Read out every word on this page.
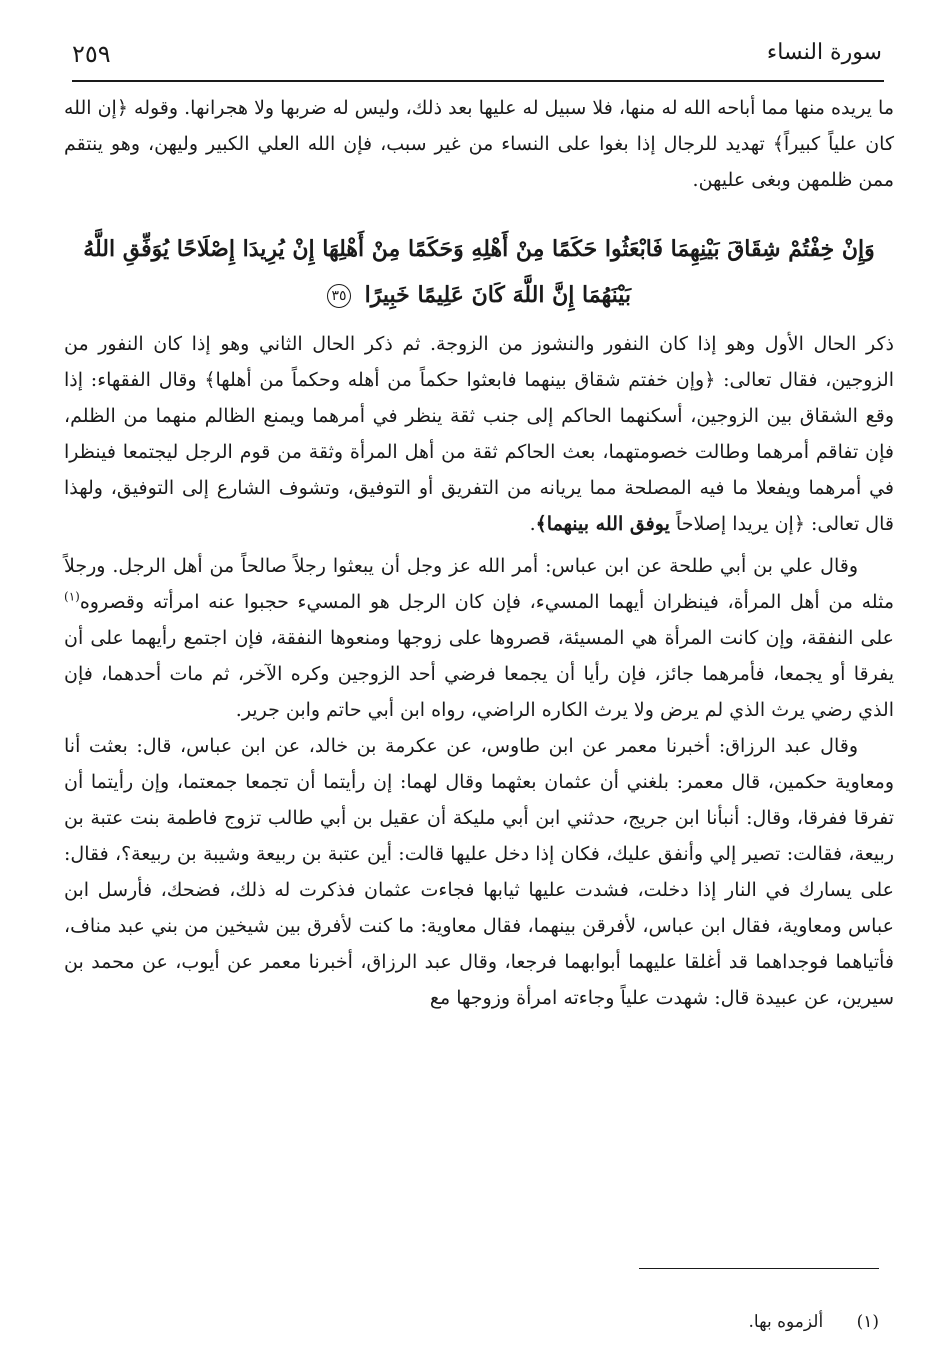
سورة النساء
٢٥٩

ما يريده منها مما أباحه الله له منها، فلا سبيل له عليها بعد ذلك، وليس له ضربها ولا هجرانها. وقوله ﴿إن الله كان علياً كبيراً﴾ تهديد للرجال إذا بغوا على النساء من غير سبب، فإن الله العلي الكبير وليهن، وهو ينتقم ممن ظلمهن وبغى عليهن.

وَإِنْ خِفْتُمْ شِقَاقَ بَيْنِهِمَا فَابْعَثُوا حَكَمًا مِنْ أَهْلِهِ وَحَكَمًا مِنْ أَهْلِهَا إِنْ يُرِيدَا إِصْلَاحًا يُوَفِّقِ اللَّهُ بَيْنَهُمَا إِنَّ اللَّهَ كَانَ عَلِيمًا خَبِيرًا ٣٥

ذكر الحال الأول وهو إذا كان النفور والنشوز من الزوجة. ثم ذكر الحال الثاني وهو إذا كان النفور من الزوجين، فقال تعالى: ﴿وإن خفتم شقاق بينهما فابعثوا حكماً من أهله وحكماً من أهلها﴾ وقال الفقهاء: إذا وقع الشقاق بين الزوجين، أسكنهما الحاكم إلى جنب ثقة ينظر في أمرهما ويمنع الظالم منهما من الظلم، فإن تفاقم أمرهما وطالت خصومتهما، بعث الحاكم ثقة من أهل المرأة وثقة من قوم الرجل ليجتمعا فينظرا في أمرهما ويفعلا ما فيه المصلحة مما يريانه من التفريق أو التوفيق، وتشوف الشارع إلى التوفيق، ولهذا قال تعالى: ﴿إن يريدا إصلاحاً يوفق الله بينهما﴾.

وقال علي بن أبي طلحة عن ابن عباس: أمر الله عز وجل أن يبعثوا رجلاً صالحاً من أهل الرجل. ورجلاً مثله من أهل المرأة، فينظران أيهما المسيء، فإن كان الرجل هو المسيء حجبوا عنه امرأته وقصروه$^{(١)}$ على النفقة، وإن كانت المرأة هي المسيئة، قصروها على زوجها ومنعوها النفقة، فإن اجتمع رأيهما على أن يفرقا أو يجمعا، فأمرهما جائز، فإن رأيا أن يجمعا فرضي أحد الزوجين وكره الآخر، ثم مات أحدهما، فإن الذي رضي يرث الذي لم يرض ولا يرث الكاره الراضي، رواه ابن أبي حاتم وابن جرير.

وقال عبد الرزاق: أخبرنا معمر عن ابن طاوس، عن عكرمة بن خالد، عن ابن عباس، قال: بعثت أنا ومعاوية حكمين، قال معمر: بلغني أن عثمان بعثهما وقال لهما: إن رأيتما أن تجمعا جمعتما، وإن رأيتما أن تفرقا ففرقا، وقال: أنبأنا ابن جريج، حدثني ابن أبي مليكة أن عقيل بن أبي طالب تزوج فاطمة بنت عتبة بن ربيعة، فقالت: تصير إلي وأنفق عليك، فكان إذا دخل عليها قالت: أين عتبة بن ربيعة وشيبة بن ربيعة؟، فقال: على يسارك في النار إذا دخلت، فشدت عليها ثيابها فجاءت عثمان فذكرت له ذلك، فضحك، فأرسل ابن عباس ومعاوية، فقال ابن عباس، لأفرقن بينهما، فقال معاوية: ما كنت لأفرق بين شيخين من بني عبد مناف، فأتياهما فوجداهما قد أغلقا عليهما أبوابهما فرجعا، وقال عبد الرزاق، أخبرنا معمر عن أيوب، عن محمد بن سيرين، عن عبيدة قال: شهدت علياً وجاءته امرأة وزوجها مع

(١) ألزموه بها.
